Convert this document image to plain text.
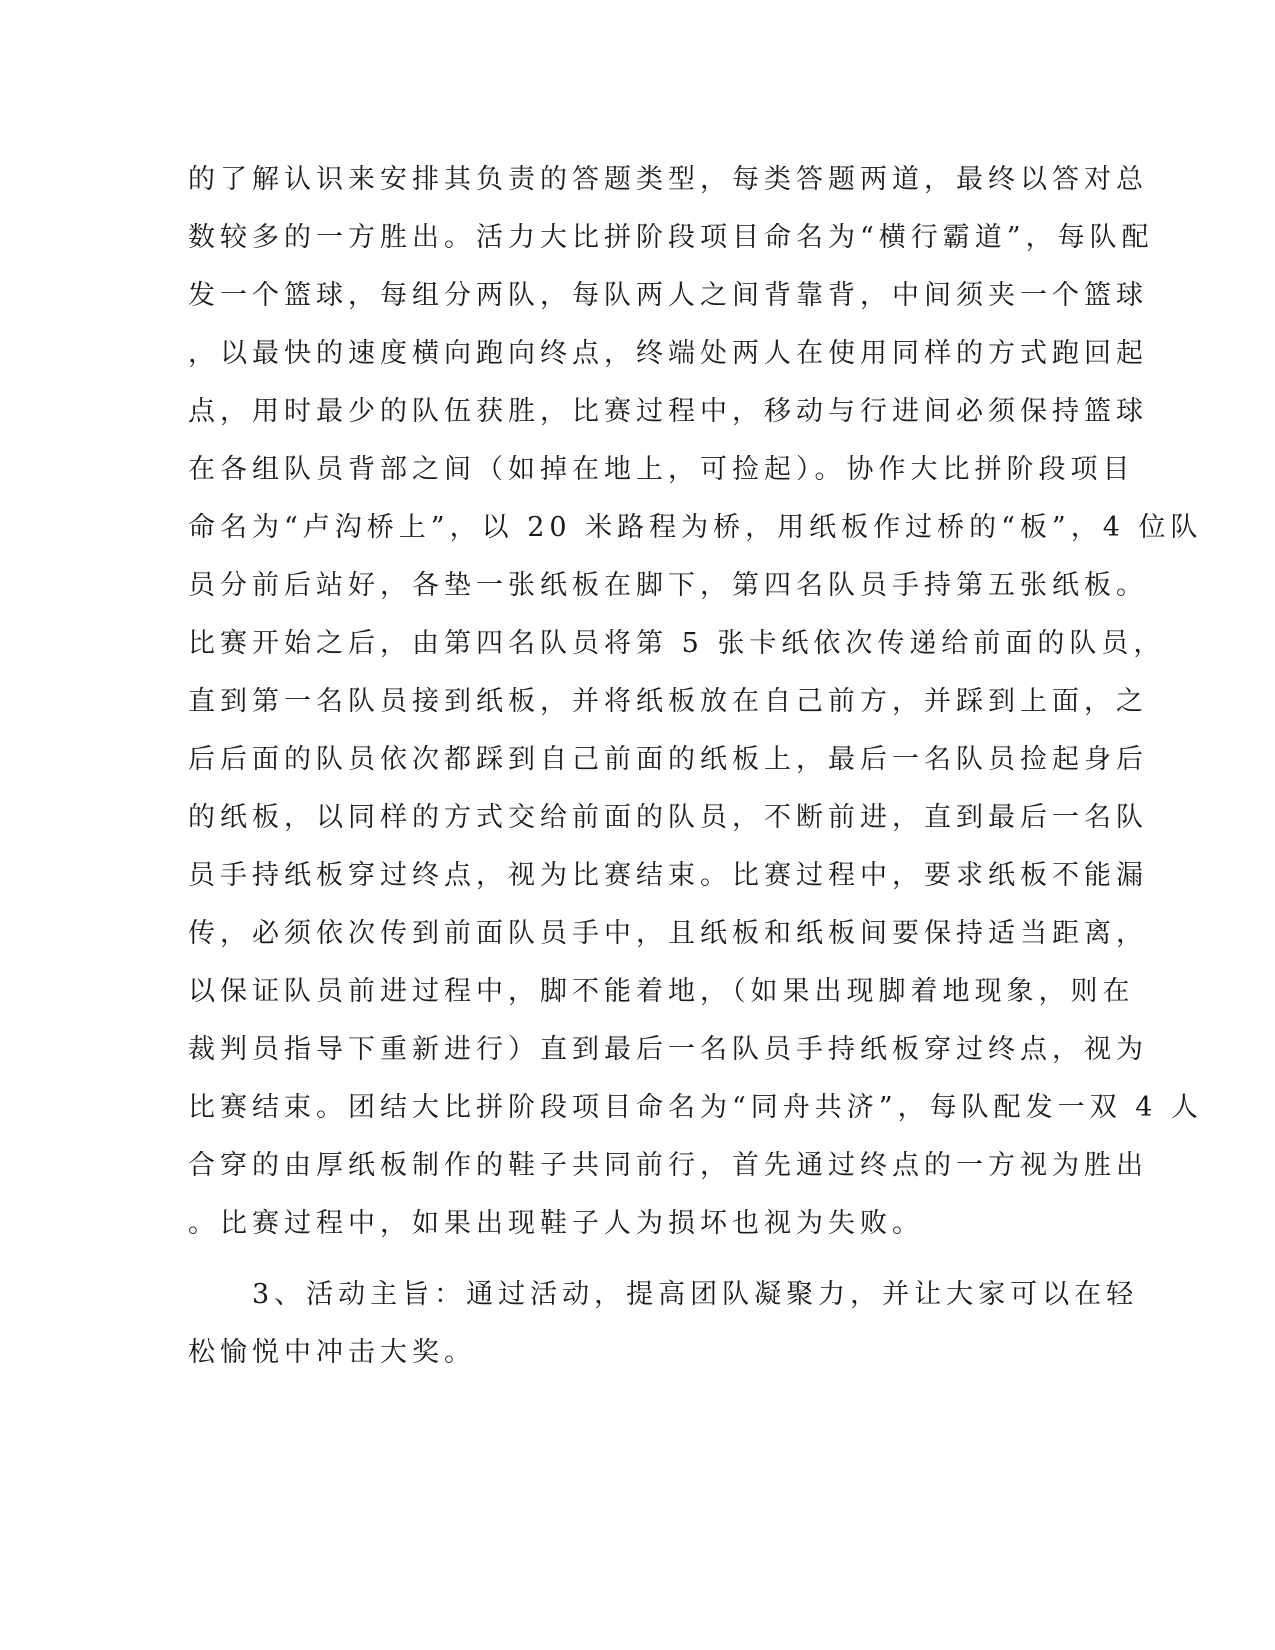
的了解认识来安排其负责的答题类型，每类答题两道，最终以答对总
数较多的一方胜出。活力大比拼阶段项目命名为“横行霸道”，每队配
发一个篮球，每组分两队，每队两人之间背靠背，中间须夹一个篮球
，以最快的速度横向跑向终点，终端处两人在使用同样的方式跑回起
点，用时最少的队伍获胜，比赛过程中，移动与行进间必须保持篮球
在各组队员背部之间（如掉在地上，可捡起）。协作大比拼阶段项目
命名为“卢沟桥上”，以 20 米路程为桥，用纸板作过桥的“板”，4 位队
员分前后站好，各垫一张纸板在脚下，第四名队员手持第五张纸板。
比赛开始之后，由第四名队员将第 5 张卡纸依次传递给前面的队员，
直到第一名队员接到纸板，并将纸板放在自己前方，并踩到上面，之
后后面的队员依次都踩到自己前面的纸板上，最后一名队员捡起身后
的纸板，以同样的方式交给前面的队员，不断前进，直到最后一名队
员手持纸板穿过终点，视为比赛结束。比赛过程中，要求纸板不能漏
传，必须依次传到前面队员手中，且纸板和纸板间要保持适当距离，
以保证队员前进过程中，脚不能着地，（如果出现脚着地现象，则在
裁判员指导下重新进行）直到最后一名队员手持纸板穿过终点，视为
比赛结束。团结大比拼阶段项目命名为“同舟共济”，每队配发一双 4 人
合穿的由厚纸板制作的鞋子共同前行，首先通过终点的一方视为胜出
。比赛过程中，如果出现鞋子人为损坏也视为失败。
　　3、活动主旨：通过活动，提高团队凝聚力，并让大家可以在轻
松愉悦中冲击大奖。
